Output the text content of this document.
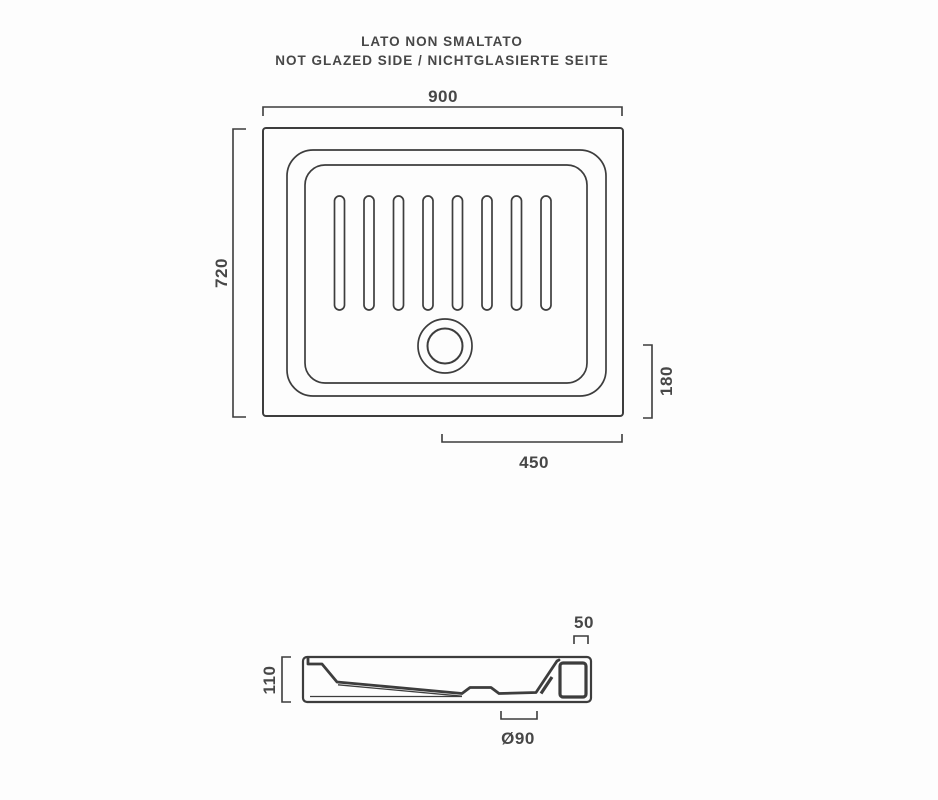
LATO NON SMALTATO
NOT GLAZED SIDE / NICHTGLASIERTE SEITE
900
720
180
450
50
110
Ø90
